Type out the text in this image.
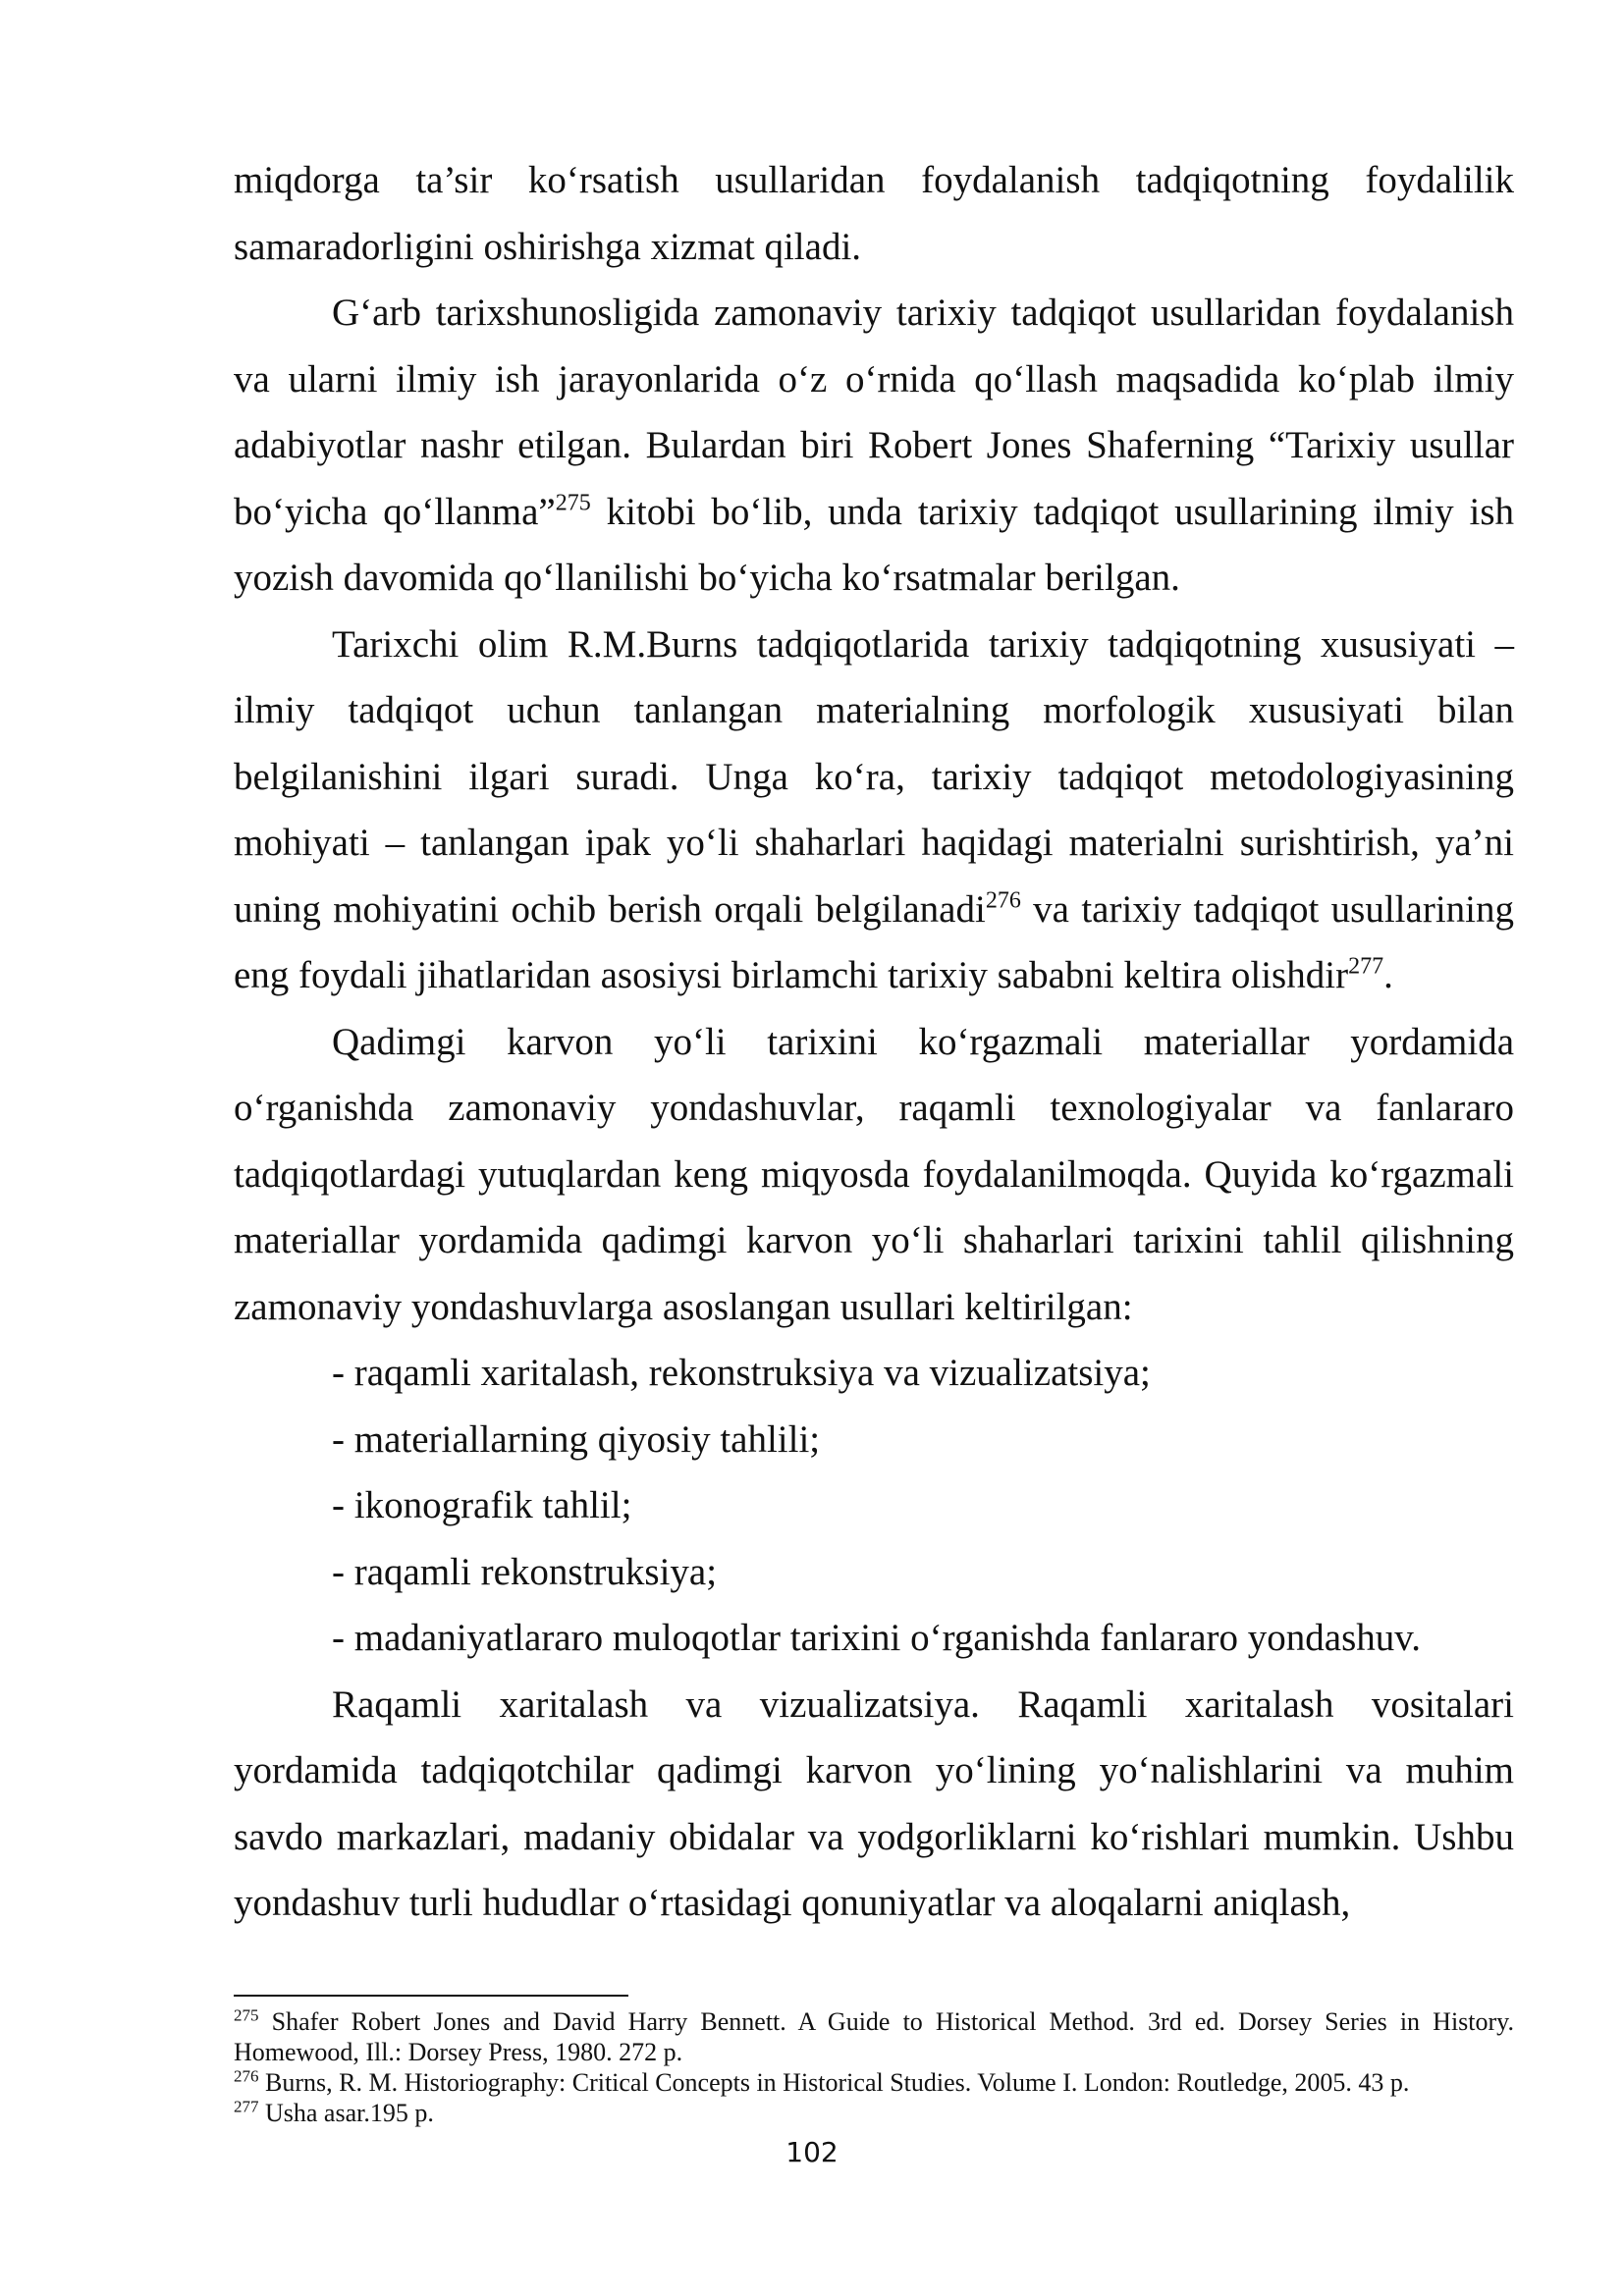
miqdorga ta’sir ko‘rsatish usullaridan foydalanish tadqiqotning foydalilik samaradorligini oshirishga xizmat qiladi.

G‘arb tarixshunosligida zamonaviy tarixiy tadqiqot usullaridan foydalanish va ularni ilmiy ish jarayonlarida o‘z o‘rnida qo‘llash maqsadida ko‘plab ilmiy adabiyotlar nashr etilgan. Bulardan biri Robert Jones Shaferning “Tarixiy usullar bo‘yicha qo‘llanma”$^{275}$ kitobi bo‘lib, unda tarixiy tadqiqot usullarining ilmiy ish yozish davomida qo‘llanilishi bo‘yicha ko‘rsatmalar berilgan.

Tarixchi olim R.M.Burns tadqiqotlarida tarixiy tadqiqotning xususiyati – ilmiy tadqiqot uchun tanlangan materialning morfologik xususiyati bilan belgilanishini ilgari suradi. Unga ko‘ra, tarixiy tadqiqot metodologiyasining mohiyati – tanlangan ipak yo‘li shaharlari haqidagi materialni surishtirish, ya’ni uning mohiyatini ochib berish orqali belgilanadi$^{276}$ va tarixiy tadqiqot usullarining eng foydali jihatlaridan asosiysi birlamchi tarixiy sababni keltira olishdir$^{277}$.

Qadimgi karvon yo‘li tarixini ko‘rgazmali materiallar yordamida o‘rganishda zamonaviy yondashuvlar, raqamli texnologiyalar va fanlararo tadqiqotlardagi yutuqlardan keng miqyosda foydalanilmoqda. Quyida ko‘rgazmali materiallar yordamida qadimgi karvon yo‘li shaharlari tarixini tahlil qilishning zamonaviy yondashuvlarga asoslangan usullari keltirilgan:

- raqamli xaritalash, rekonstruksiya va vizualizatsiya;

- materiallarning qiyosiy tahlili;

- ikonografik tahlil;

- raqamli rekonstruksiya;

- madaniyatlararo muloqotlar tarixini o‘rganishda fanlararo yondashuv.

Raqamli xaritalash va vizualizatsiya. Raqamli xaritalash vositalari yordamida tadqiqotchilar qadimgi karvon yo‘lining yo‘nalishlarini va muhim savdo markazlari, madaniy obidalar va yodgorliklarni ko‘rishlari mumkin. Ushbu yondashuv turli hududlar o‘rtasidagi qonuniyatlar va aloqalarni aniqlash,

$^{275}$ Shafer Robert Jones and David Harry Bennett. A Guide to Historical Method. 3rd ed. Dorsey Series in History. Homewood, Ill.: Dorsey Press, 1980. 272 p.

$^{276}$ Burns, R. M. Historiography: Critical Concepts in Historical Studies. Volume I. London: Routledge, 2005. 43 p.

$^{277}$ Usha asar.195 p.

102
